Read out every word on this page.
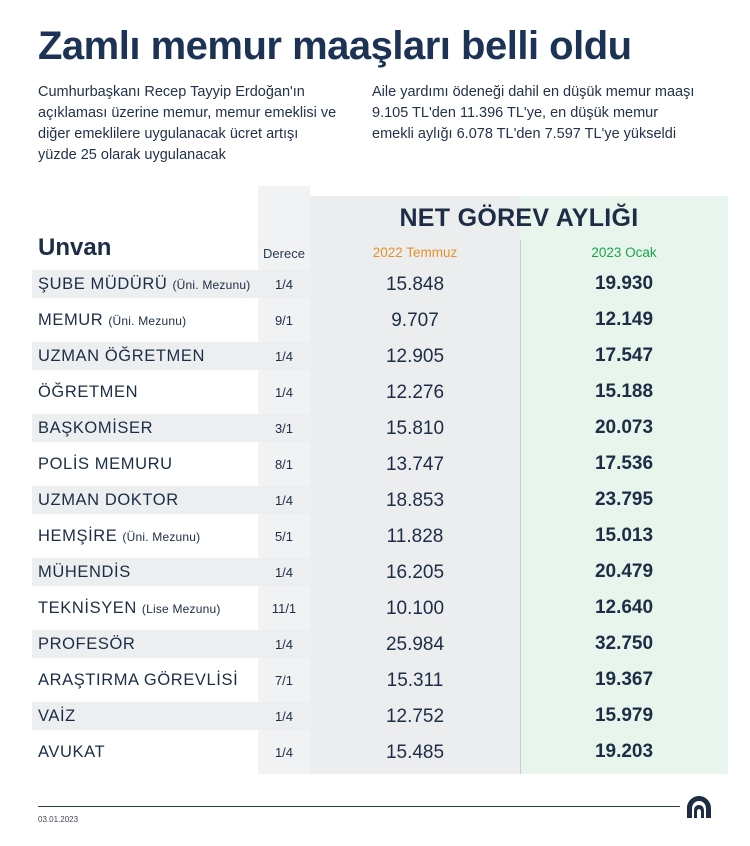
Zamlı memur maaşları belli oldu
Cumhurbaşkanı Recep Tayyip Erdoğan'ın açıklaması üzerine memur, memur emeklisi ve diğer emeklilere uygulanacak ücret artışı yüzde 25 olarak uygulanacak
Aile yardımı ödeneği dahil en düşük memur maaşı 9.105 TL'den 11.396 TL'ye, en düşük memur emekli aylığı 6.078 TL'den 7.597 TL'ye yükseldi
NET GÖREV AYLIĞI
Unvan	Derece	2022 Temmuz	2023 Ocak
ŞUBE MÜDÜRÜ (Üni. Mezunu)	1/4	15.848	19.930
MEMUR (Üni. Mezunu)	9/1	9.707	12.149
UZMAN ÖĞRETMEN	1/4	12.905	17.547
ÖĞRETMEN	1/4	12.276	15.188
BAŞKOMİSER	3/1	15.810	20.073
POLİS MEMURU	8/1	13.747	17.536
UZMAN DOKTOR	1/4	18.853	23.795
HEMŞİRE (Üni. Mezunu)	5/1	11.828	15.013
MÜHENDİS	1/4	16.205	20.479
TEKNİSYEN (Lise Mezunu)	11/1	10.100	12.640
PROFESÖR	1/4	25.984	32.750
ARAŞTIRMA GÖREVLİSİ	7/1	15.311	19.367
VAİZ	1/4	12.752	15.979
AVUKAT	1/4	15.485	19.203
03.01.2023
